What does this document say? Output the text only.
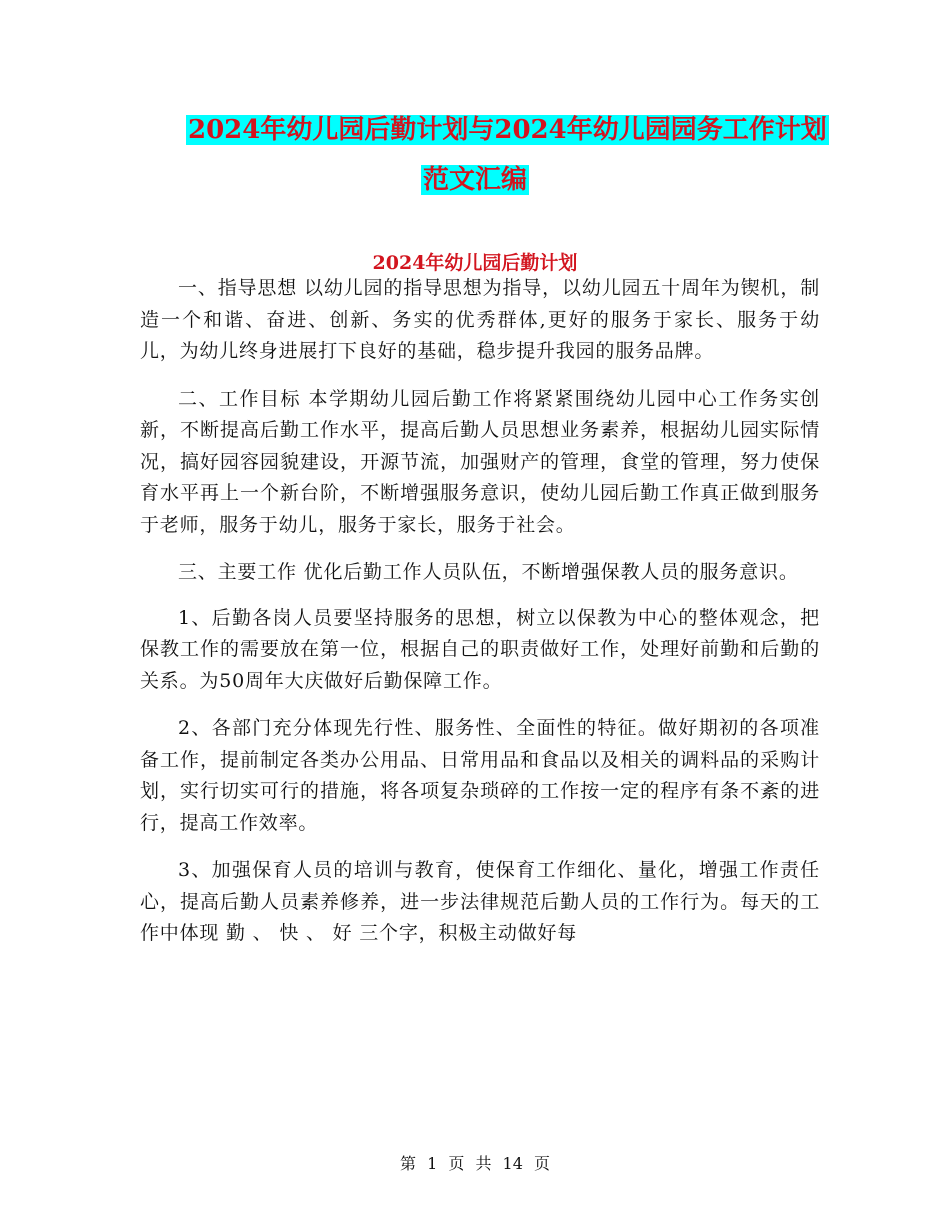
2024年幼儿园后勤计划与2024年幼儿园园务工作计划
范文汇编
2024年幼儿园后勤计划

一、指导思想 以幼儿园的指导思想为指导，以幼儿园五十周年为锲机，制造一个和谐、奋进、创新、务实的优秀群体,更好的服务于家长、服务于幼儿，为幼儿终身进展打下良好的基础，稳步提升我园的服务品牌。

二、工作目标 本学期幼儿园后勤工作将紧紧围绕幼儿园中心工作务实创新，不断提高后勤工作水平，提高后勤人员思想业务素养，根据幼儿园实际情况，搞好园容园貌建设，开源节流，加强财产的管理，食堂的管理，努力使保育水平再上一个新台阶，不断增强服务意识，使幼儿园后勤工作真正做到服务于老师，服务于幼儿，服务于家长，服务于社会。

三、主要工作 优化后勤工作人员队伍，不断增强保教人员的服务意识。

1、后勤各岗人员要坚持服务的思想，树立以保教为中心的整体观念，把保教工作的需要放在第一位，根据自己的职责做好工作，处理好前勤和后勤的关系。为50周年大庆做好后勤保障工作。

2、各部门充分体现先行性、服务性、全面性的特征。做好期初的各项准备工作，提前制定各类办公用品、日常用品和食品以及相关的调料品的采购计划，实行切实可行的措施，将各项复杂琐碎的工作按一定的程序有条不紊的进行，提高工作效率。

3、加强保育人员的培训与教育，使保育工作细化、量化，增强工作责任心，提高后勤人员素养修养，进一步法律规范后勤人员的工作行为。每天的工作中体现 勤 、 快 、 好 三个字，积极主动做好每

第 1 页 共 14 页
